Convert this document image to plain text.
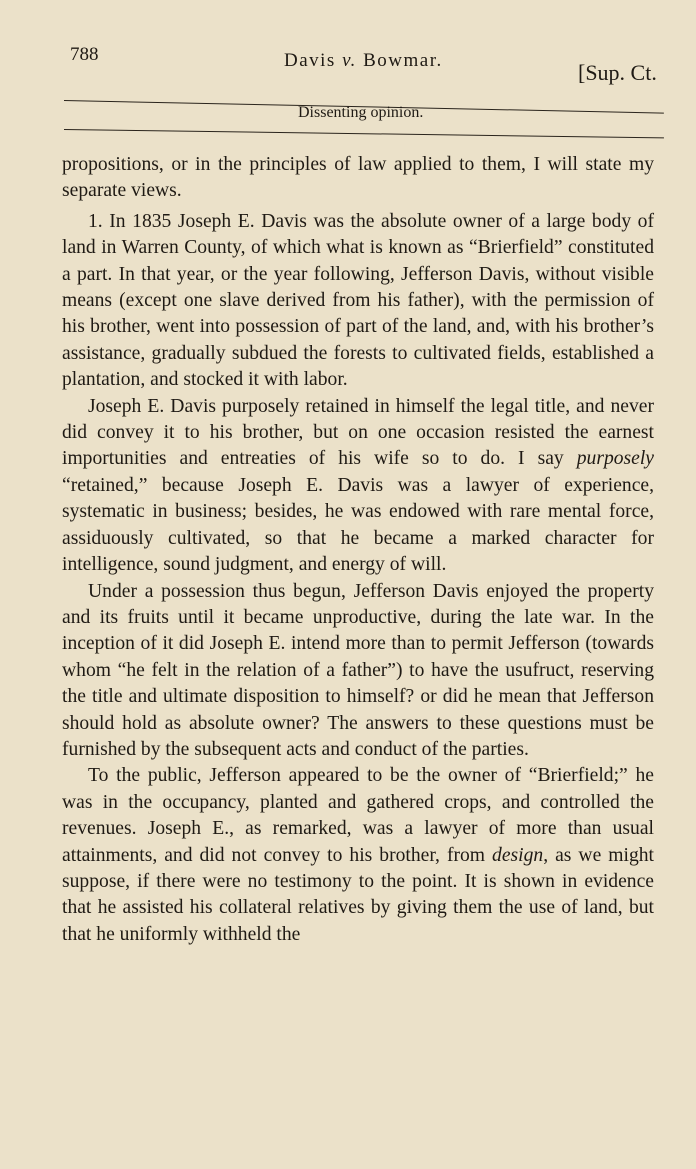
788	Davis v. Bowmar.	[Sup. Ct.
Dissenting opinion.

propositions, or in the principles of law applied to them, I will state my separate views.

1. In 1835 Joseph E. Davis was the absolute owner of a large body of land in Warren County, of which what is known as “Brierfield” constituted a part. In that year, or the year following, Jefferson Davis, without visible means (except one slave derived from his father), with the permission of his brother, went into possession of part of the land, and, with his brother’s assistance, gradually subdued the forests to cultivated fields, established a plantation, and stocked it with labor.

Joseph E. Davis purposely retained in himself the legal title, and never did convey it to his brother, but on one occasion resisted the earnest importunities and entreaties of his wife so to do. I say purposely “retained,” because Joseph E. Davis was a lawyer of experience, systematic in business; besides, he was endowed with rare mental force, assiduously cultivated, so that he became a marked character for intelligence, sound judgment, and energy of will.

Under a possession thus begun, Jefferson Davis enjoyed the property and its fruits until it became unproductive, during the late war. In the inception of it did Joseph E. intend more than to permit Jefferson (towards whom “he felt in the relation of a father”) to have the usufruct, reserving the title and ultimate disposition to himself? or did he mean that Jefferson should hold as absolute owner? The answers to these questions must be furnished by the subsequent acts and conduct of the parties.

To the public, Jefferson appeared to be the owner of “Brierfield;” he was in the occupancy, planted and gathered crops, and controlled the revenues. Joseph E., as remarked, was a lawyer of more than usual attainments, and did not convey to his brother, from design, as we might suppose, if there were no testimony to the point. It is shown in evidence that he assisted his collateral relatives by giving them the use of land, but that he uniformly withheld the
